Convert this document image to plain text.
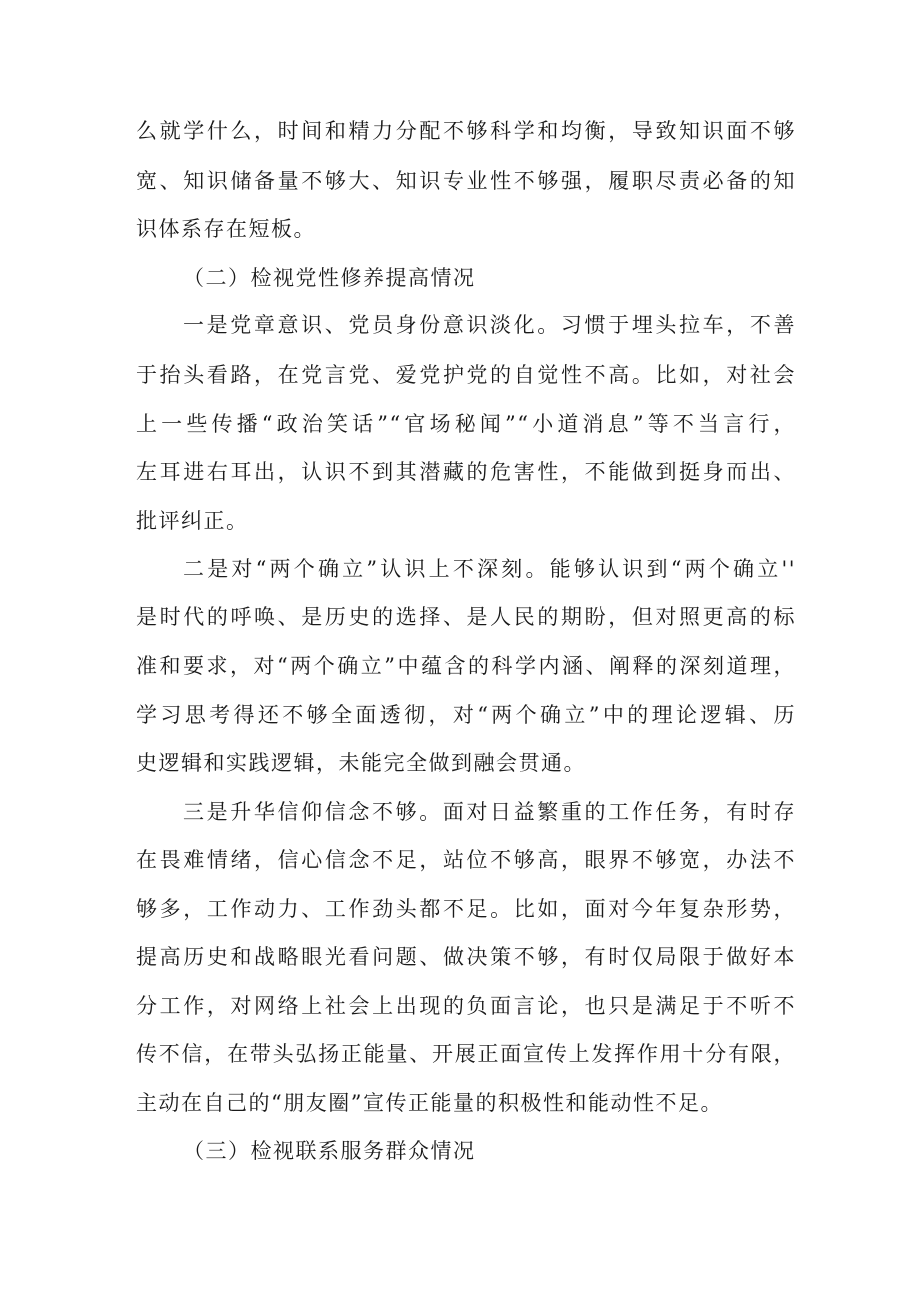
么就学什么，时间和精力分配不够科学和均衡，导致知识面不够
宽、知识储备量不够大、知识专业性不够强，履职尽责必备的知
识体系存在短板。
（二）检视党性修养提高情况
一是党章意识、党员身份意识淡化。习惯于埋头拉车，不善
于抬头看路，在党言党、爱党护党的自觉性不高。比如，对社会
上一些传播“政治笑话”“官场秘闻”“小道消息”等不当言行，
左耳进右耳出，认识不到其潜藏的危害性，不能做到挺身而出、
批评纠正。
二是对“两个确立”认识上不深刻。能够认识到“两个确立''
是时代的呼唤、是历史的选择、是人民的期盼，但对照更高的标
准和要求，对“两个确立”中蕴含的科学内涵、阐释的深刻道理，
学习思考得还不够全面透彻，对“两个确立”中的理论逻辑、历
史逻辑和实践逻辑，未能完全做到融会贯通。
三是升华信仰信念不够。面对日益繁重的工作任务，有时存
在畏难情绪，信心信念不足，站位不够高，眼界不够宽，办法不
够多，工作动力、工作劲头都不足。比如，面对今年复杂形势，
提高历史和战略眼光看问题、做决策不够，有时仅局限于做好本
分工作，对网络上社会上出现的负面言论，也只是满足于不听不
传不信，在带头弘扬正能量、开展正面宣传上发挥作用十分有限，
主动在自己的“朋友圈”宣传正能量的积极性和能动性不足。
（三）检视联系服务群众情况
